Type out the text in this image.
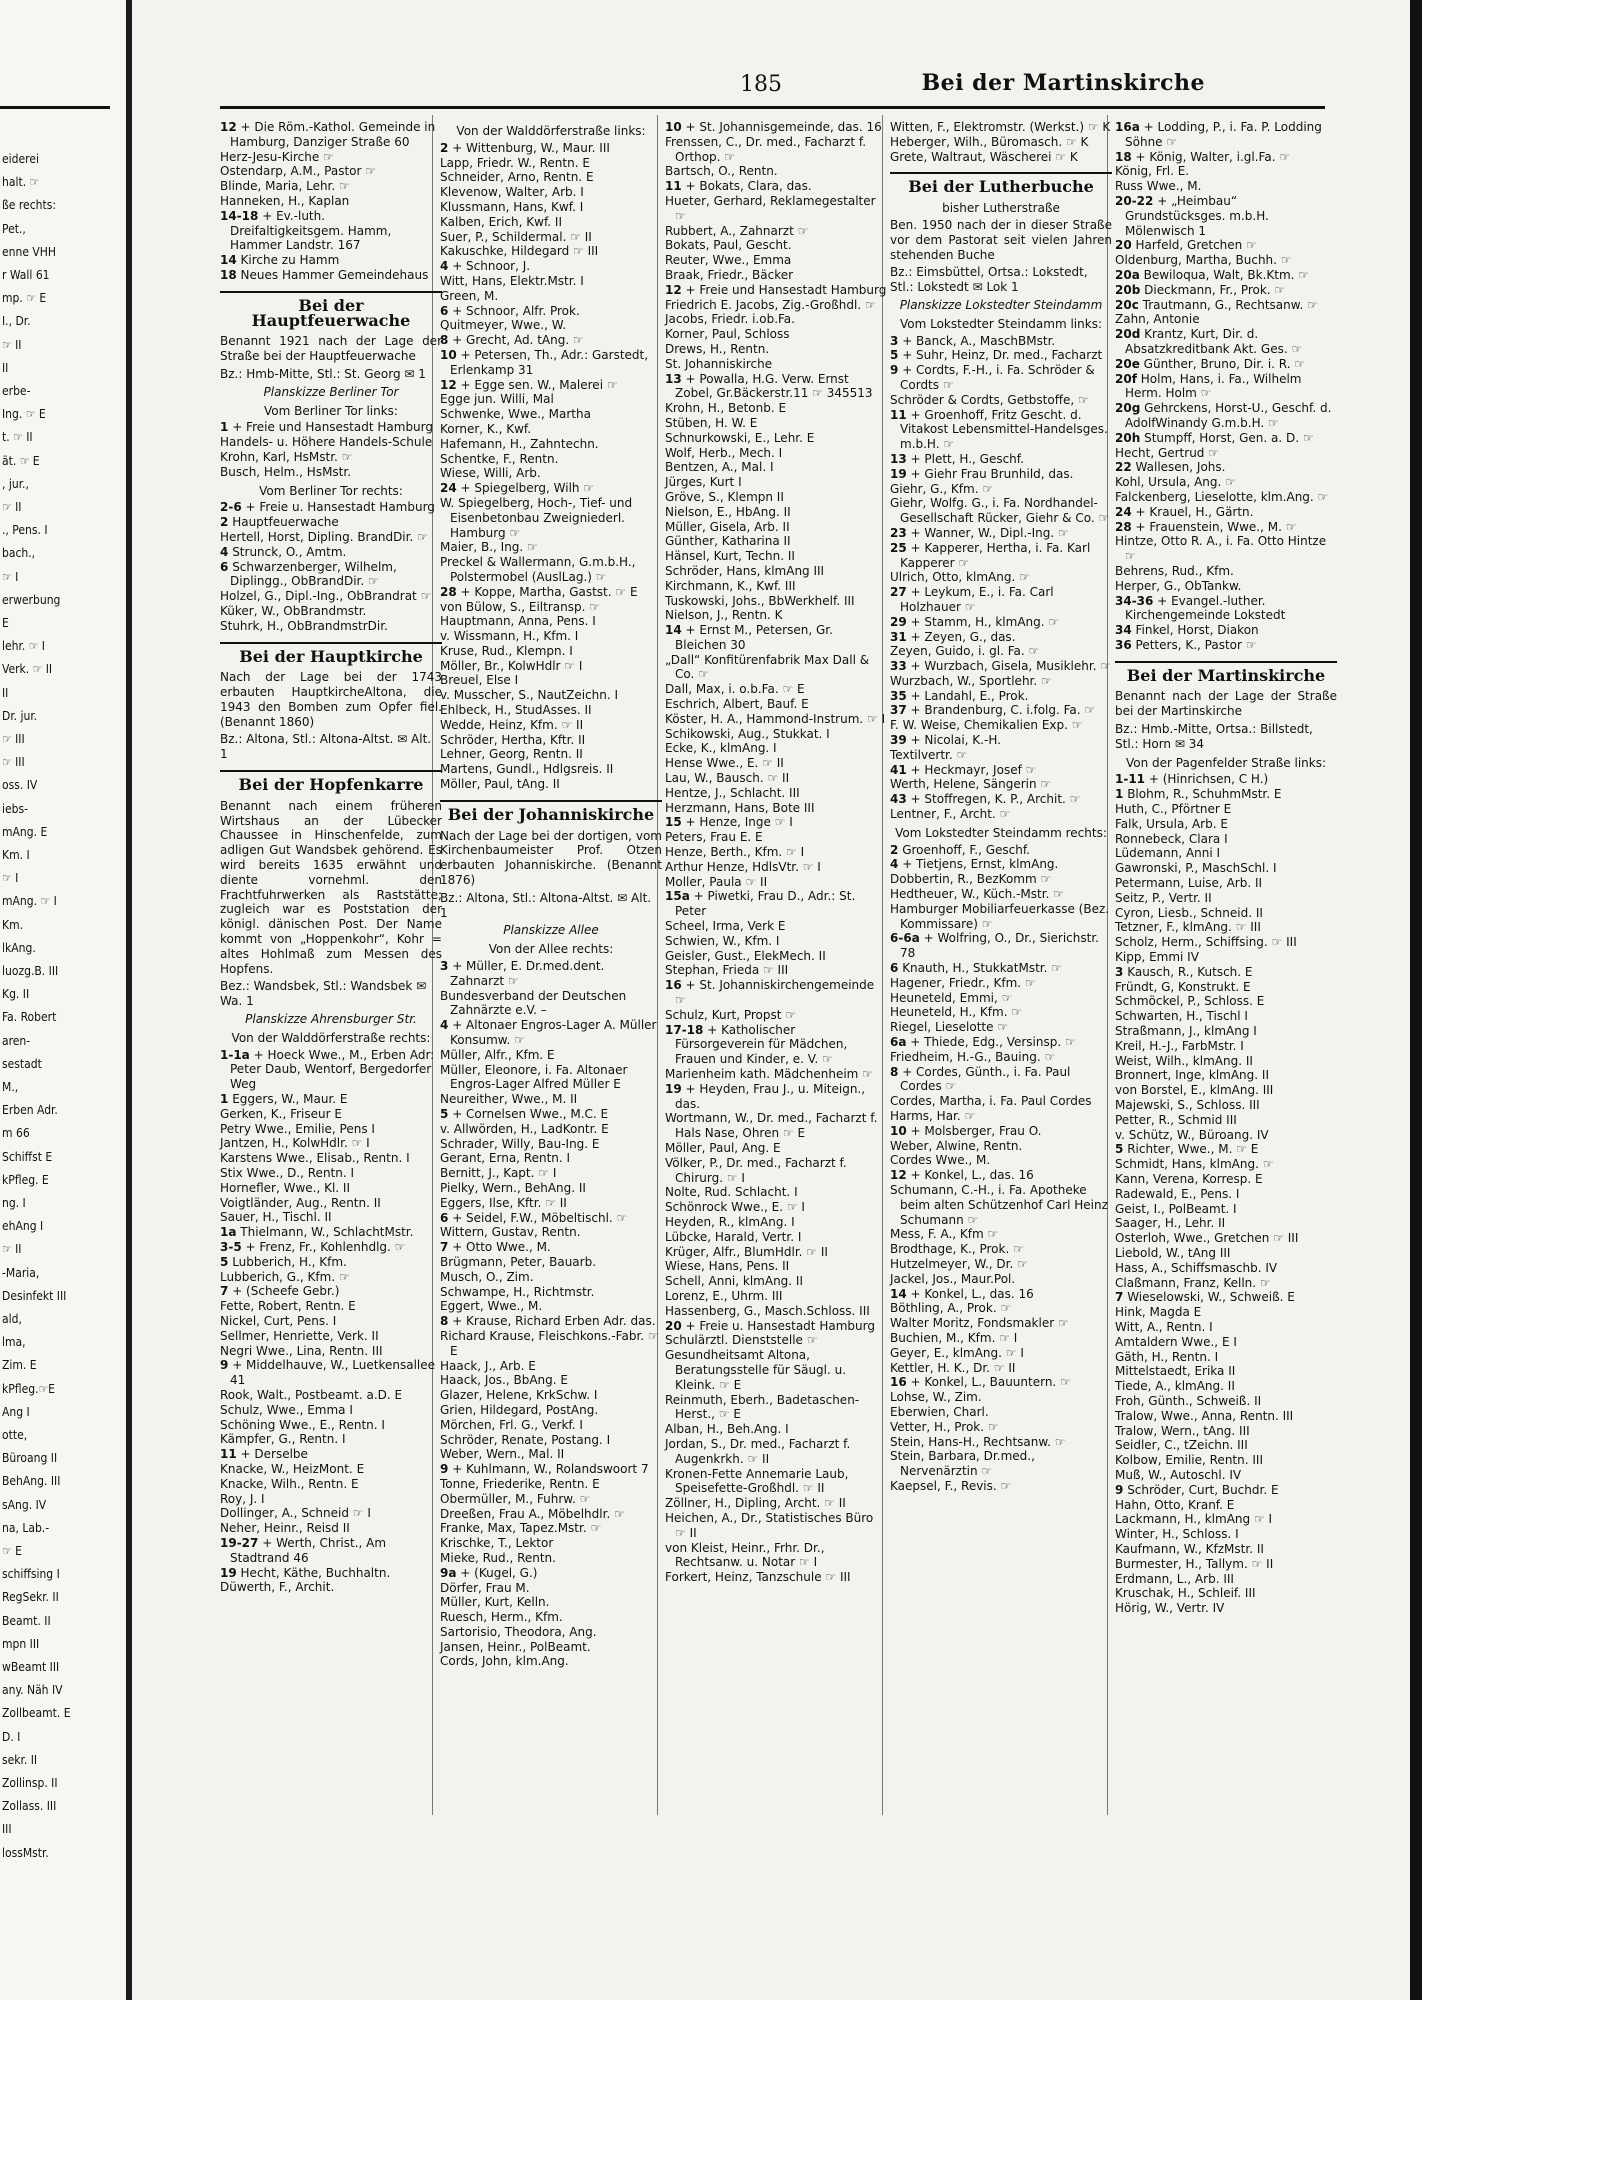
eiderei
halt. ☞
ße rechts:
Pet.,
enne VHH
r Wall 61
mp. ☞ E
I., Dr.
☞ II
II
erbe-
Ing. ☞ E
t. ☞ II
ät. ☞ E
, jur.,
☞ II
., Pens. I
bach.,
☞ I
erwerbung
E
lehr. ☞ I
Verk. ☞ II
II
Dr. jur.
☞ III
☞ III
oss. IV
iebs-
mAng. E
Km. I
☞ I
mAng. ☞ I
Km.
lkAng.
luozg.B. III
Kg. II
Fa. Robert
aren-
sestadt
M.,
Erben Adr.
m 66
Schiffst E
kPfleg. E
ng. I
ehAng I
☞ II
-Maria,
Desinfekt III
ald,
lma,
Zim. E
kPfleg.☞E
Ang I
otte,
Büroang II
BehAng. III
sAng. IV
na, Lab.-
☞ E
schiffsing I
RegSekr. II
Beamt. II
mpn III
wBeamt III
any. Näh IV
Zollbeamt. E
D. I
sekr. II
Zollinsp. II
Zollass. III
III
lossMstr.
185	Bei der Martinskirche
12 + Die Röm.-Kathol. Gemeinde in Hamburg, Danziger Straße 60
Herz-Jesu-Kirche ☞
Ostendarp, A.M., Pastor ☞
Blinde, Maria, Lehr. ☞
Hanneken, H., Kaplan
14-18 + Ev.-luth. Dreifaltigkeitsgem. Hamm, Hammer Landstr. 167
14 Kirche zu Hamm
18 Neues Hammer Gemeindehaus
Bei der Hauptfeuerwache
Benannt 1921 nach der Lage der Straße bei der Hauptfeuerwache
Bz.: Hmb-Mitte, Stl.: St. Georg ✉ 1
Planskizze Berliner Tor
Vom Berliner Tor links:
1 + Freie und Hansestadt Hamburg
Handels- u. Höhere Handels-Schule
Krohn, Karl, HsMstr. ☞
Busch, Helm., HsMstr.
Vom Berliner Tor rechts:
2-6 + Freie u. Hansestadt Hamburg
2 Hauptfeuerwache
Hertell, Horst, Dipling. BrandDir. ☞
4 Strunck, O., Amtm.
6 Schwarzenberger, Wilhelm, Diplingg., ObBrandDir. ☞
Holzel, G., Dipl.-Ing., ObBrandrat ☞
Küker, W., ObBrandmstr.
Stuhrk, H., ObBrandmstrDir.
Bei der Hauptkirche
Nach der Lage bei der 1743 erbauten HauptkircheAltona, die 1943 den Bomben zum Opfer fiel. (Benannt 1860)
Bz.: Altona, Stl.: Altona-Altst. ✉ Alt. 1
Bei der Hopfenkarre
Benannt nach einem früheren Wirtshaus an der Lübecker Chaussee in Hinschenfelde, zum adligen Gut Wandsbek gehörend. Es wird bereits 1635 erwähnt und diente vornehml. den Frachtfuhrwerken als Raststätte; zugleich war es Poststation der königl. dänischen Post. Der Name kommt von „Hoppenkohr“, Kohr = altes Hohlmaß zum Messen des Hopfens.
Bez.: Wandsbek, Stl.: Wandsbek ✉ Wa. 1
Planskizze Ahrensburger Str.
Von der Walddörferstraße rechts:
1-1a + Hoeck Wwe., M., Erben Adr: Peter Daub, Wentorf, Bergedorfer Weg
1 Eggers, W., Maur. E
Gerken, K., Friseur E
Petry Wwe., Emilie, Pens I
Jantzen, H., KolwHdlr. ☞ I
Karstens Wwe., Elisab., Rentn. I
Stix Wwe., D., Rentn. I
Hornefler, Wwe., Kl. II
Voigtländer, Aug., Rentn. II
Sauer, H., Tischl. II
1a Thielmann, W., SchlachtMstr.
3-5 + Frenz, Fr., Kohlenhdlg. ☞
5 Lubberich, H., Kfm.
Lubberich, G., Kfm. ☞
7 + (Scheefe Gebr.)
Fette, Robert, Rentn. E
Nickel, Curt, Pens. I
Sellmer, Henriette, Verk. II
Negri Wwe., Lina, Rentn. III
9 + Middelhauve, W., Luetkensallee 41
Rook, Walt., Postbeamt. a.D. E
Schulz, Wwe., Emma I
Schöning Wwe., E., Rentn. I
Kämpfer, G., Rentn. I
11 + Derselbe
Knacke, W., HeizMont. E
Knacke, Wilh., Rentn. E
Roy, J. I
Dollinger, A., Schneid ☞ I
Neher, Heinr., Reisd II
19-27 + Werth, Christ., Am Stadtrand 46
19 Hecht, Käthe, Buchhaltn.
Düwerth, F., Archit.
Von der Walddörferstraße links:
2 + Wittenburg, W., Maur. III
Lapp, Friedr. W., Rentn. E
Schneider, Arno, Rentn. E
Klevenow, Walter, Arb. I
Klussmann, Hans, Kwf. I
Kalben, Erich, Kwf. II
Suer, P., Schildermal. ☞ II
Kakuschke, Hildegard ☞ III
4 + Schnoor, J.
Witt, Hans, Elektr.Mstr. I
Green, M.
6 + Schnoor, Alfr. Prok.
Quitmeyer, Wwe., W.
8 + Grecht, Ad. tAng. ☞
10 + Petersen, Th., Adr.: Garstedt, Erlenkamp 31
12 + Egge sen. W., Malerei ☞
Egge jun. Willi, Mal
Schwenke, Wwe., Martha
Korner, K., Kwf.
Hafemann, H., Zahntechn.
Schentke, F., Rentn.
Wiese, Willi, Arb.
24 + Spiegelberg, Wilh ☞
W. Spiegelberg, Hoch-, Tief- und Eisenbetonbau Zweigniederl. Hamburg ☞
Maier, B., Ing. ☞
Preckel & Wallermann, G.m.b.H., Polstermobel (AuslLag.) ☞
28 + Koppe, Martha, Gastst. ☞ E
von Bülow, S., Eiltransp. ☞
Hauptmann, Anna, Pens. I
v. Wissmann, H., Kfm. I
Kruse, Rud., Klempn. I
Möller, Br., KolwHdlr ☞ I
Breuel, Else I
v. Musscher, S., NautZeichn. I
Ehlbeck, H., StudAsses. II
Wedde, Heinz, Kfm. ☞ II
Schröder, Hertha, Kftr. II
Lehner, Georg, Rentn. II
Martens, Gundl., Hdlgsreis. II
Möller, Paul, tAng. II
Bei der Johanniskirche
Nach der Lage bei der dortigen, vom Kirchenbaumeister Prof. Otzen erbauten Johanniskirche. (Benannt 1876)
Bz.: Altona, Stl.: Altona-Altst. ✉ Alt. 1
Planskizze Allee
Von der Allee rechts:
3 + Müller, E. Dr.med.dent. Zahnarzt ☞
Bundesverband der Deutschen Zahnärzte e.V. –
4 + Altonaer Engros-Lager A. Müller Konsumw. ☞
Müller, Alfr., Kfm. E
Müller, Eleonore, i. Fa. Altonaer Engros-Lager Alfred Müller E
Neureither, Wwe., M. II
5 + Cornelsen Wwe., M.C. E
v. Allwörden, H., LadKontr. E
Schrader, Willy, Bau-Ing. E
Gerant, Erna, Rentn. I
Bernitt, J., Kapt. ☞ I
Pielky, Wern., BehAng. II
Eggers, Ilse, Kftr. ☞ II
6 + Seidel, F.W., Möbeltischl. ☞
Wittern, Gustav, Rentn.
7 + Otto Wwe., M.
Brügmann, Peter, Bauarb.
Musch, O., Zim.
Schwampe, H., Richtmstr.
Eggert, Wwe., M.
8 + Krause, Richard Erben Adr. das.
Richard Krause, Fleischkons.-Fabr. ☞ E
Haack, J., Arb. E
Haack, Jos., BbAng. E
Glazer, Helene, KrkSchw. I
Grien, Hildegard, PostAng.
Mörchen, Frl. G., Verkf. I
Schröder, Renate, Postang. I
Weber, Wern., Mal. II
9 + Kuhlmann, W., Rolandswoort 7
Tonne, Friederike, Rentn. E
Obermüller, M., Fuhrw. ☞
Dreeßen, Frau A., Möbelhdlr. ☞
Franke, Max, Tapez.Mstr. ☞
Krischke, T., Lektor
Mieke, Rud., Rentn.
9a + (Kugel, G.)
Dörfer, Frau M.
Müller, Kurt, Kelln.
Ruesch, Herm., Kfm.
Sartorisio, Theodora, Ang.
Jansen, Heinr., PolBeamt.
Cords, John, klm.Ang.
10 + St. Johannisgemeinde, das. 16
Frenssen, C., Dr. med., Facharzt f. Orthop. ☞
Bartsch, O., Rentn.
11 + Bokats, Clara, das.
Hueter, Gerhard, Reklamegestalter ☞
Rubbert, A., Zahnarzt ☞
Bokats, Paul, Gescht.
Reuter, Wwe., Emma
Braak, Friedr., Bäcker
12 + Freie und Hansestadt Hamburg
Friedrich E. Jacobs, Zig.-Großhdl. ☞
Jacobs, Friedr. i.ob.Fa.
Korner, Paul, Schloss
Drews, H., Rentn.
St. Johanniskirche
13 + Powalla, H.G. Verw. Ernst Zobel, Gr.Bäckerstr.11 ☞ 345513
Krohn, H., Betonb. E
Stüben, H. W. E
Schnurkowski, E., Lehr. E
Wolf, Herb., Mech. I
Bentzen, A., Mal. I
Jürges, Kurt I
Gröve, S., Klempn II
Nielson, E., HbAng. II
Müller, Gisela, Arb. II
Günther, Katharina II
Hänsel, Kurt, Techn. II
Schröder, Hans, klmAng III
Kirchmann, K., Kwf. III
Tuskowski, Johs., BbWerkhelf. III
Nielson, J., Rentn. K
14 + Ernst M., Petersen, Gr. Bleichen 30
„Dall“ Konfitürenfabrik Max Dall & Co. ☞
Dall, Max, i. o.b.Fa. ☞ E
Eschrich, Albert, Bauf. E
Köster, H. A., Hammond-Instrum. ☞ I
Schikowski, Aug., Stukkat. I
Ecke, K., klmAng. I
Hense Wwe., E. ☞ II
Lau, W., Bausch. ☞ II
Hentze, J., Schlacht. III
Herzmann, Hans, Bote III
15 + Henze, Inge ☞ I
Peters, Frau E. E
Henze, Berth., Kfm. ☞ I
Arthur Henze, HdlsVtr. ☞ I
Moller, Paula ☞ II
15a + Piwetki, Frau D., Adr.: St. Peter
Scheel, Irma, Verk E
Schwien, W., Kfm. I
Geisler, Gust., ElekMech. II
Stephan, Frieda ☞ III
16 + St. Johanniskirchengemeinde ☞
Schulz, Kurt, Propst ☞
17-18 + Katholischer Fürsorgeverein für Mädchen, Frauen und Kinder, e. V. ☞
Marienheim kath. Mädchenheim ☞
19 + Heyden, Frau J., u. Miteign., das.
Wortmann, W., Dr. med., Facharzt f. Hals Nase, Ohren ☞ E
Möller, Paul, Ang. E
Völker, P., Dr. med., Facharzt f. Chirurg. ☞ I
Nolte, Rud. Schlacht. I
Schönrock Wwe., E. ☞ I
Heyden, R., klmAng. I
Lübcke, Harald, Vertr. I
Krüger, Alfr., BlumHdlr. ☞ II
Wiese, Hans, Pens. II
Schell, Anni, klmAng. II
Lorenz, E., Uhrm. III
Hassenberg, G., Masch.Schloss. III
20 + Freie u. Hansestadt Hamburg
Schulärztl. Dienststelle ☞
Gesundheitsamt Altona, Beratungsstelle für Säugl. u. Kleink. ☞ E
Reinmuth, Eberh., Badetaschen-Herst., ☞ E
Alban, H., Beh.Ang. I
Jordan, S., Dr. med., Facharzt f. Augenkrkh. ☞ II
Kronen-Fette Annemarie Laub, Speisefette-Großhdl. ☞ II
Zöllner, H., Dipling, Archt. ☞ II
Heichen, A., Dr., Statistisches Büro ☞ II
von Kleist, Heinr., Frhr. Dr., Rechtsanw. u. Notar ☞ I
Forkert, Heinz, Tanzschule ☞ III
Witten, F., Elektromstr. (Werkst.) ☞ K
Heberger, Wilh., Büromasch. ☞ K
Grete, Waltraut, Wäscherei ☞ K
Bei der Lutherbuche
bisher Lutherstraße
Ben. 1950 nach der in dieser Straße vor dem Pastorat seit vielen Jahren stehenden Buche
Bz.: Eimsbüttel, Ortsa.: Lokstedt, Stl.: Lokstedt ✉ Lok 1
Planskizze Lokstedter Steindamm
Vom Lokstedter Steindamm links:
3 + Banck, A., MaschBMstr.
5 + Suhr, Heinz, Dr. med., Facharzt
9 + Cordts, F.-H., i. Fa. Schröder & Cordts ☞
Schröder & Cordts, Getbstoffe, ☞
11 + Groenhoff, Fritz Gescht. d. Vitakost Lebensmittel-Handelsges. m.b.H. ☞
13 + Plett, H., Geschf.
19 + Giehr Frau Brunhild, das.
Giehr, G., Kfm. ☞
Giehr, Wolfg. G., i. Fa. Nordhandel-Gesellschaft Rücker, Giehr & Co. ☞
23 + Wanner, W., Dipl.-Ing. ☞
25 + Kapperer, Hertha, i. Fa. Karl Kapperer ☞
Ulrich, Otto, klmAng. ☞
27 + Leykum, E., i. Fa. Carl Holzhauer ☞
29 + Stamm, H., klmAng. ☞
31 + Zeyen, G., das.
Zeyen, Guido, i. gl. Fa. ☞
33 + Wurzbach, Gisela, Musiklehr. ☞
Wurzbach, W., Sportlehr. ☞
35 + Landahl, E., Prok.
37 + Brandenburg, C. i.folg. Fa. ☞
F. W. Weise, Chemikalien Exp. ☞
39 + Nicolai, K.-H.
Textilvertr. ☞
41 + Heckmayr, Josef ☞
Werth, Helene, Sängerin ☞
43 + Stoffregen, K. P., Archit. ☞
Lentner, F., Archt. ☞
Vom Lokstedter Steindamm rechts:
2 Groenhoff, F., Geschf.
4 + Tietjens, Ernst, klmAng.
Dobbertin, R., BezKomm ☞
Hedtheuer, W., Küch.-Mstr. ☞
Hamburger Mobiliarfeuerkasse (Bez. Kommissare) ☞
6-6a + Wolfring, O., Dr., Sierichstr. 78
6 Knauth, H., StukkatMstr. ☞
Hagener, Friedr., Kfm. ☞
Heuneteld, Emmi, ☞
Heuneteld, H., Kfm. ☞
Riegel, Lieselotte ☞
6a + Thiede, Edg., Versinsp. ☞
Friedheim, H.-G., Bauing. ☞
8 + Cordes, Günth., i. Fa. Paul Cordes ☞
Cordes, Martha, i. Fa. Paul Cordes
Harms, Har. ☞
10 + Molsberger, Frau O.
Weber, Alwine, Rentn.
Cordes Wwe., M.
12 + Konkel, L., das. 16
Schumann, C.-H., i. Fa. Apotheke beim alten Schützenhof Carl Heinz Schumann ☞
Mess, F. A., Kfm ☞
Brodthage, K., Prok. ☞
Hutzelmeyer, W., Dr. ☞
Jackel, Jos., Maur.Pol.
14 + Konkel, L., das. 16
Böthling, A., Prok. ☞
Walter Moritz, Fondsmakler ☞
Buchien, M., Kfm. ☞ I
Geyer, E., klmAng. ☞ I
Kettler, H. K., Dr. ☞ II
16 + Konkel, L., Bauuntern. ☞
Lohse, W., Zim.
Eberwien, Charl.
Vetter, H., Prok. ☞
Stein, Hans-H., Rechtsanw. ☞
Stein, Barbara, Dr.med., Nervenärztin ☞
Kaepsel, F., Revis. ☞
16a + Lodding, P., i. Fa. P. Lodding Söhne ☞
18 + König, Walter, i.gl.Fa. ☞
König, Frl. E.
Russ Wwe., M.
20-22 + „Heimbau“ Grundstücksges. m.b.H. Mölenwisch 1
20 Harfeld, Gretchen ☞
Oldenburg, Martha, Buchh. ☞
20a Bewiloqua, Walt, Bk.Ktm. ☞
20b Dieckmann, Fr., Prok. ☞
20c Trautmann, G., Rechtsanw. ☞
Zahn, Antonie
20d Krantz, Kurt, Dir. d. Absatzkreditbank Akt. Ges. ☞
20e Günther, Bruno, Dir. i. R. ☞
20f Holm, Hans, i. Fa., Wilhelm Herm. Holm ☞
20g Gehrckens, Horst-U., Geschf. d. AdolfWinandy G.m.b.H. ☞
20h Stumpff, Horst, Gen. a. D. ☞
Hecht, Gertrud ☞
22 Wallesen, Johs.
Kohl, Ursula, Ang. ☞
Falckenberg, Lieselotte, klm.Ang. ☞
24 + Krauel, H., Gärtn.
28 + Frauenstein, Wwe., M. ☞
Hintze, Otto R. A., i. Fa. Otto Hintze ☞
Behrens, Rud., Kfm.
Herper, G., ObTankw.
34-36 + Evangel.-luther. Kirchengemeinde Lokstedt
34 Finkel, Horst, Diakon
36 Petters, K., Pastor ☞
Bei der Martinskirche
Benannt nach der Lage der Straße bei der Martinskirche
Bz.: Hmb.-Mitte, Ortsa.: Billstedt, Stl.: Horn ✉ 34
Von der Pagenfelder Straße links:
1-11 + (Hinrichsen, C H.)
1 Blohm, R., SchuhmMstr. E
Huth, C., Pförtner E
Falk, Ursula, Arb. E
Ronnebeck, Clara I
Lüdemann, Anni I
Gawronski, P., MaschSchl. I
Petermann, Luise, Arb. II
Seitz, P., Vertr. II
Cyron, Liesb., Schneid. II
Tetzner, F., klmAng. ☞ III
Scholz, Herm., Schiffsing. ☞ III
Kipp, Emmi IV
3 Kausch, R., Kutsch. E
Fründt, G, Konstrukt. E
Schmöckel, P., Schloss. E
Schwarten, H., Tischl I
Straßmann, J., klmAng I
Kreil, H.-J., FarbMstr. I
Weist, Wilh., klmAng. II
Bronnert, Inge, klmAng. II
von Borstel, E., klmAng. III
Majewski, S., Schloss. III
Petter, R., Schmid III
v. Schütz, W., Büroang. IV
5 Richter, Wwe., M. ☞ E
Schmidt, Hans, klmAng. ☞
Kann, Verena, Korresp. E
Radewald, E., Pens. I
Geist, I., PolBeamt. I
Saager, H., Lehr. II
Osterloh, Wwe., Gretchen ☞ III
Liebold, W., tAng III
Hass, A., Schiffsmaschb. IV
Claßmann, Franz, Kelln. ☞
7 Wieselowski, W., Schweiß. E
Hink, Magda E
Witt, A., Rentn. I
Amtaldern Wwe., E I
Gäth, H., Rentn. I
Mittelstaedt, Erika II
Tiede, A., klmAng. II
Froh, Günth., Schweiß. II
Tralow, Wwe., Anna, Rentn. III
Tralow, Wern., tAng. III
Seidler, C., tZeichn. III
Kolbow, Emilie, Rentn. III
Muß, W., Autoschl. IV
9 Schröder, Curt, Buchdr. E
Hahn, Otto, Kranf. E
Lackmann, H., klmAng ☞ I
Winter, H., Schloss. I
Kaufmann, W., KfzMstr. II
Burmester, H., Tallym. ☞ II
Erdmann, L., Arb. III
Kruschak, H., Schleif. III
Hörig, W., Vertr. IV
